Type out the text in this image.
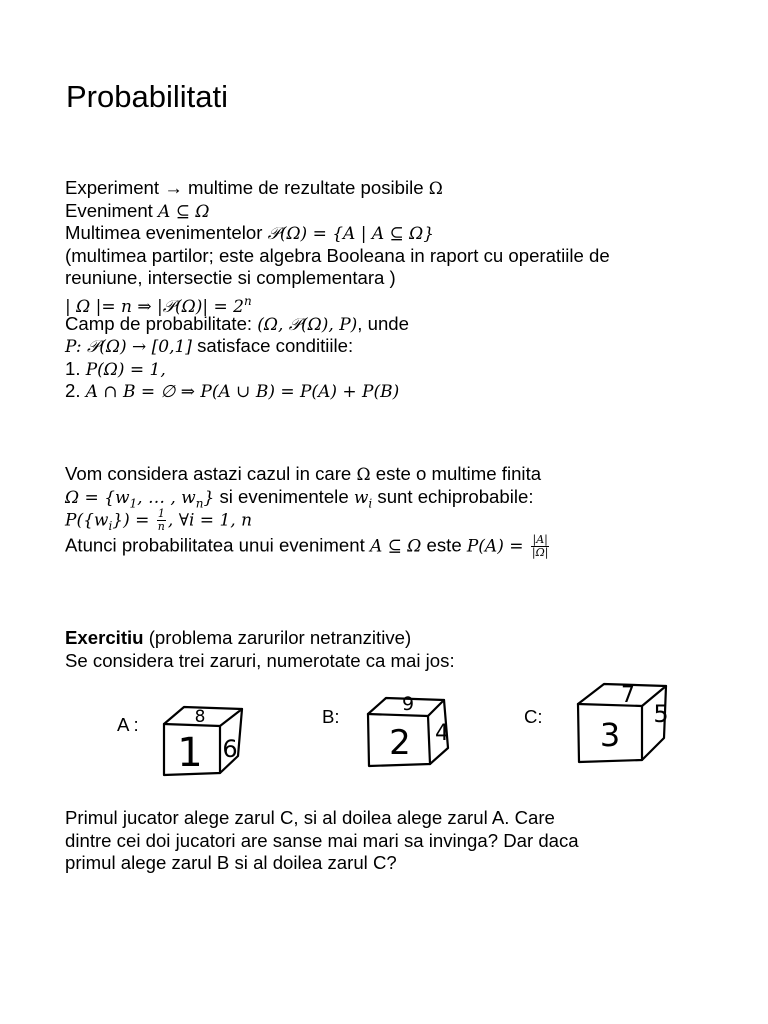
Probabilitati
Experiment → multime de rezultate posibile Ω
Eveniment A ⊆ Ω
Multimea evenimentelor 𝒫(Ω) = {A | A ⊆ Ω}
(multimea partilor; este algebra Booleana in raport cu operatiile de
reuniune, intersectie si complementara )
| Ω |= n ⇒ |𝒫(Ω)| = $2^n$
Camp de probabilitate: (Ω, 𝒫(Ω), P), unde
P: 𝒫(Ω) → [0,1] satisface conditiile:
1. P(Ω) = 1,
2. A ∩ B = ∅ ⇒ P(A ∪ B) = P(A) + P(B)
Vom considera astazi cazul in care Ω este o multime finita
$\Omega = \{w_1$, … , $w_n$} si evenimentele $w_i$ sunt echiprobabile:
$P(\{w_i\}) = \frac{1}{n}$ , ∀i = 1, n
Atunci probabilitatea unui eveniment A ⊆ Ω este $P(A) = \frac{|A|}{|\Omega|}$
Exercitiu (problema zarurilor netranzitive)
Se considera trei zaruri, numerotate ca mai jos:
A :	8
1 6
B:
9
2 4
C:
7
3
5
Primul jucator alege zarul C, si al doilea alege zarul A. Care
dintre cei doi jucatori are sanse mai mari sa invinga? Dar daca
primul alege zarul B si al doilea zarul C?
